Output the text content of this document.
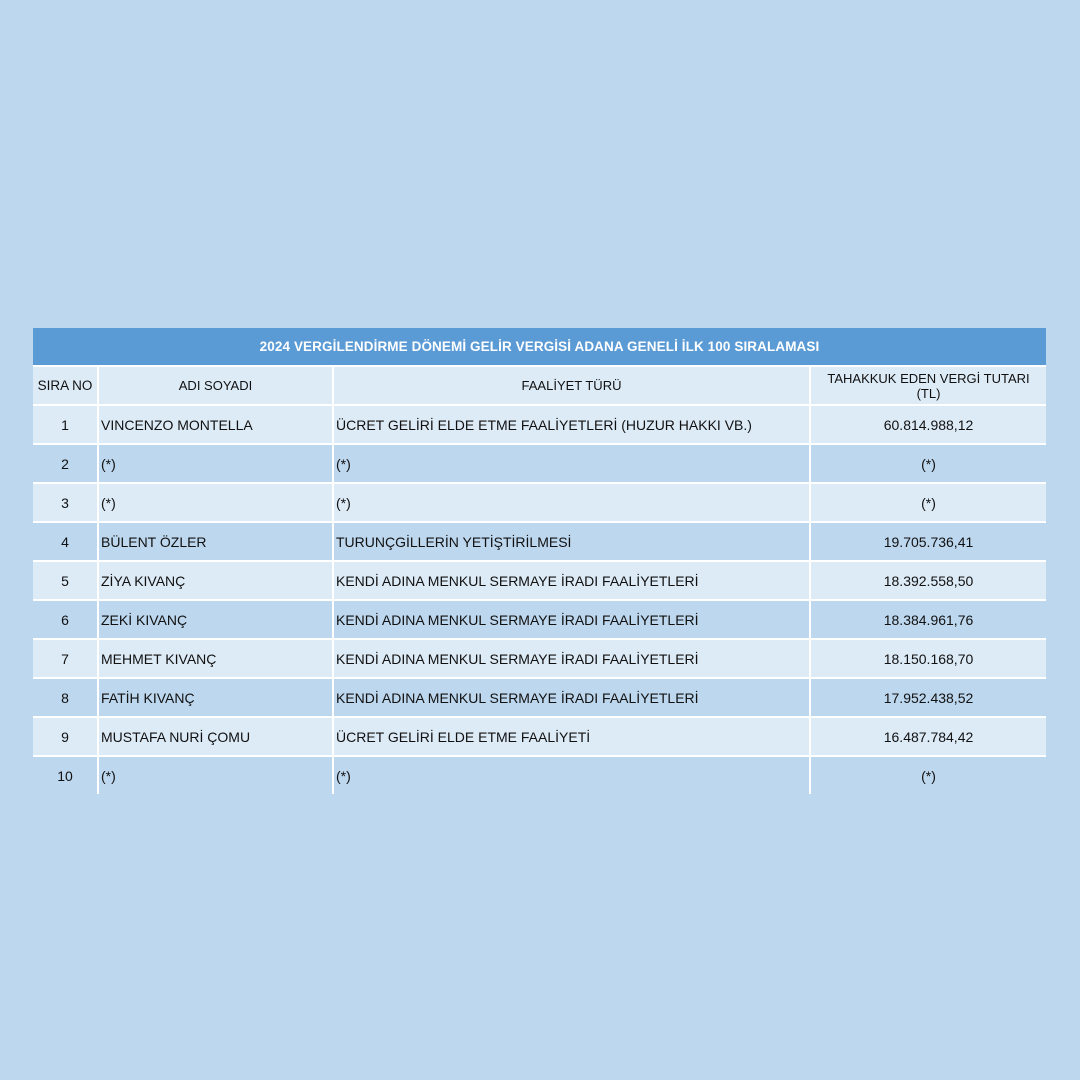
2024 VERGİLENDİRME DÖNEMİ GELİR VERGİSİ ADANA GENELİ İLK 100 SIRALAMASI
SIRA NO	ADI SOYADI	FAALİYET TÜRÜ	TAHAKKUK EDEN VERGİ TUTARI
(TL)
1	VINCENZO MONTELLA	ÜCRET GELİRİ ELDE ETME FAALİYETLERİ (HUZUR HAKKI VB.)	60.814.988,12
2	(*)	(*)	(*)
3	(*)	(*)	(*)
4	BÜLENT ÖZLER	TURUNÇGİLLERİN YETİŞTİRİLMESİ	19.705.736,41
5	ZİYA KIVANÇ	KENDİ ADINA MENKUL SERMAYE İRADI FAALİYETLERİ	18.392.558,50
6	ZEKİ KIVANÇ	KENDİ ADINA MENKUL SERMAYE İRADI FAALİYETLERİ	18.384.961,76
7	MEHMET KIVANÇ	KENDİ ADINA MENKUL SERMAYE İRADI FAALİYETLERİ	18.150.168,70
8	FATİH KIVANÇ	KENDİ ADINA MENKUL SERMAYE İRADI FAALİYETLERİ	17.952.438,52
9	MUSTAFA NURİ ÇOMU	ÜCRET GELİRİ ELDE ETME FAALİYETİ	16.487.784,42
10	(*)	(*)	(*)
